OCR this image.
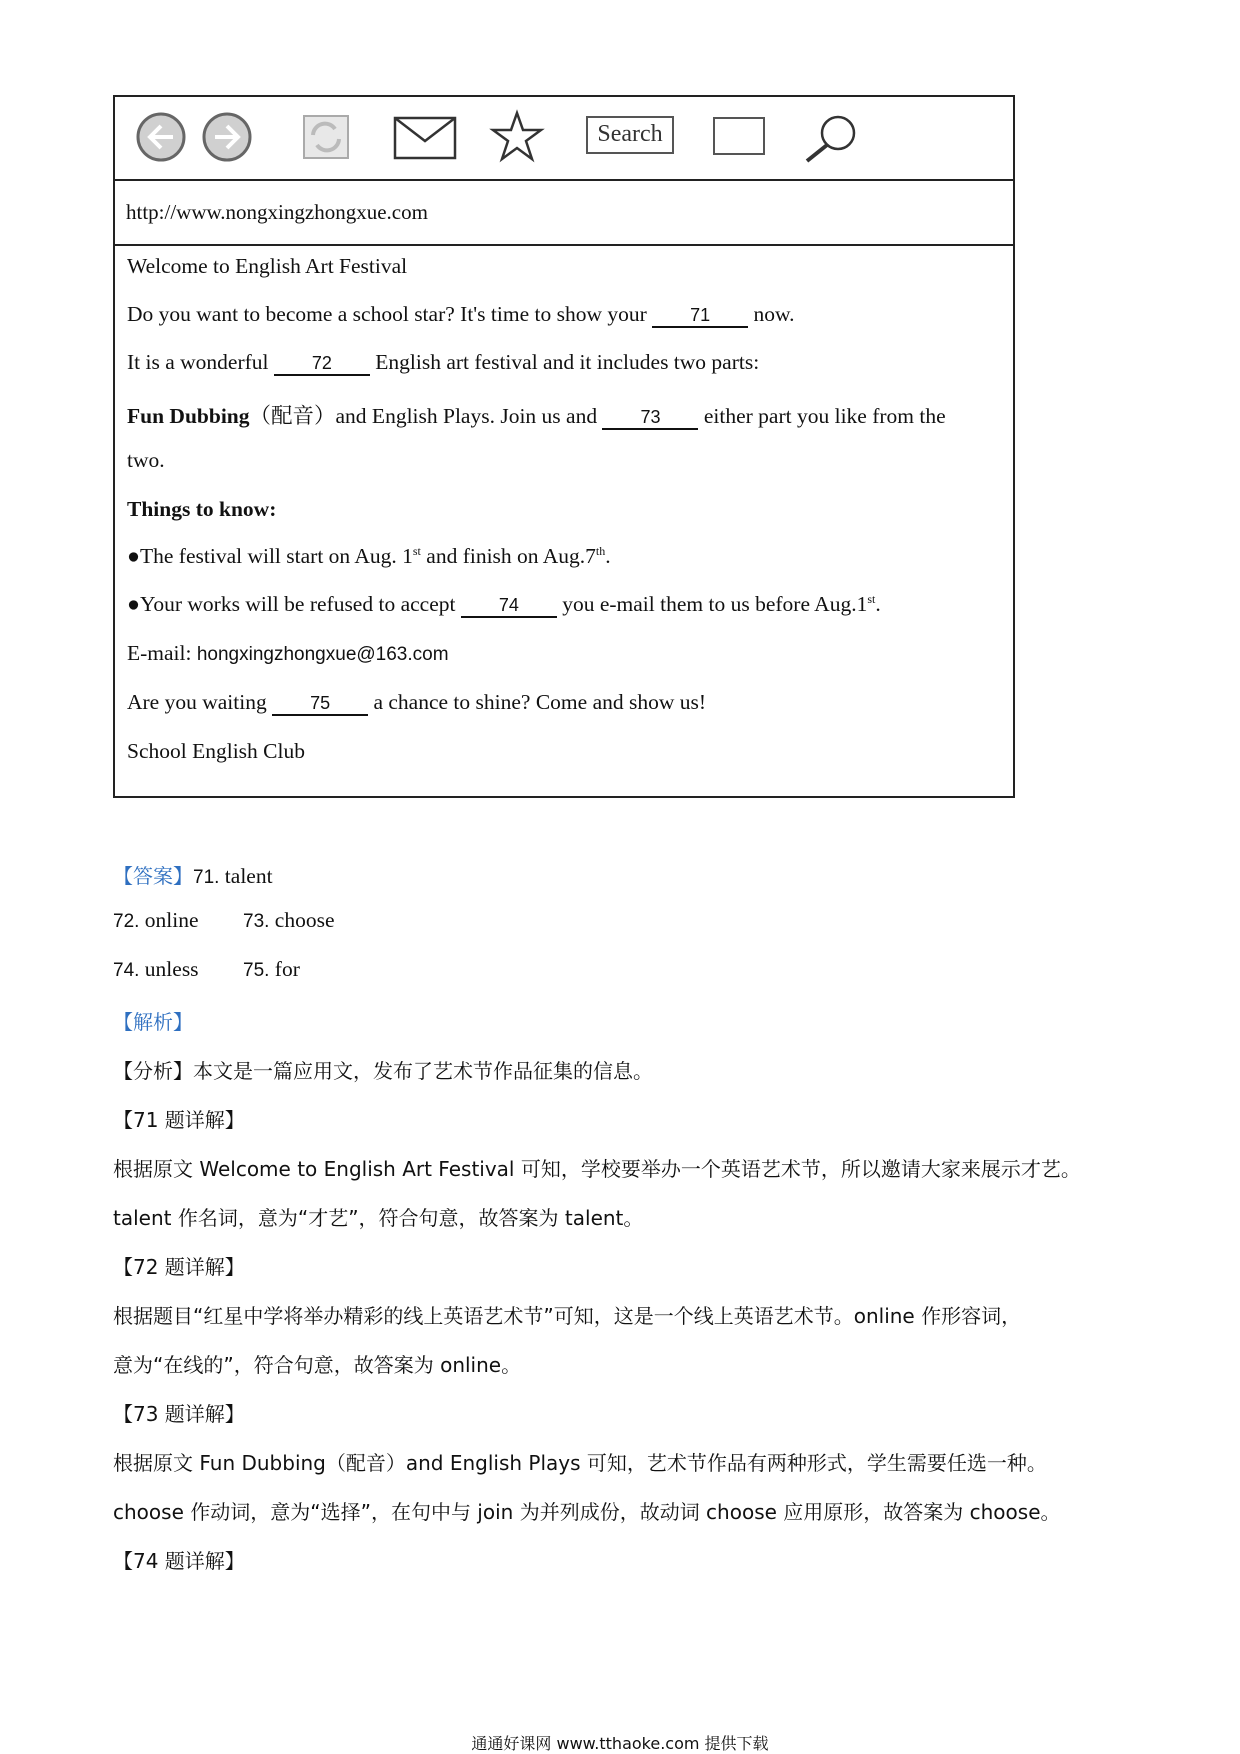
Search
http://www.nongxingzhongxue.com
Welcome to English Art Festival
Do you want to become a school star? It's time to show your 71 now.
It is a wonderful 72 English art festival and it includes two parts:
Fun Dubbing（配音）and English Plays. Join us and 73 either part you like from the
two.
Things to know:
●The festival will start on Aug. 1st and finish on Aug.7th.
●Your works will be refused to accept 74 you e-mail them to us before Aug.1st.
E-mail: hongxingzhongxue@163.com
Are you waiting 75 a chance to shine? Come and show us!
School English Club
【答案】71. talent
72. online 73. choose
74. unless 75. for
【解析】
【分析】本文是一篇应用文，发布了艺术节作品征集的信息。
【71 题详解】
根据原文 Welcome to English Art Festival 可知，学校要举办一个英语艺术节，所以邀请大家来展示才艺。
talent 作名词，意为“才艺”，符合句意，故答案为 talent。
【72 题详解】
根据题目“红星中学将举办精彩的线上英语艺术节”可知，这是一个线上英语艺术节。online 作形容词，
意为“在线的”，符合句意，故答案为 online。
【73 题详解】
根据原文 Fun Dubbing（配音）and English Plays 可知，艺术节作品有两种形式，学生需要任选一种。
choose 作动词，意为“选择”，在句中与 join 为并列成份，故动词 choose 应用原形，故答案为 choose。
【74 题详解】
通通好课网 www.tthaoke.com 提供下载
